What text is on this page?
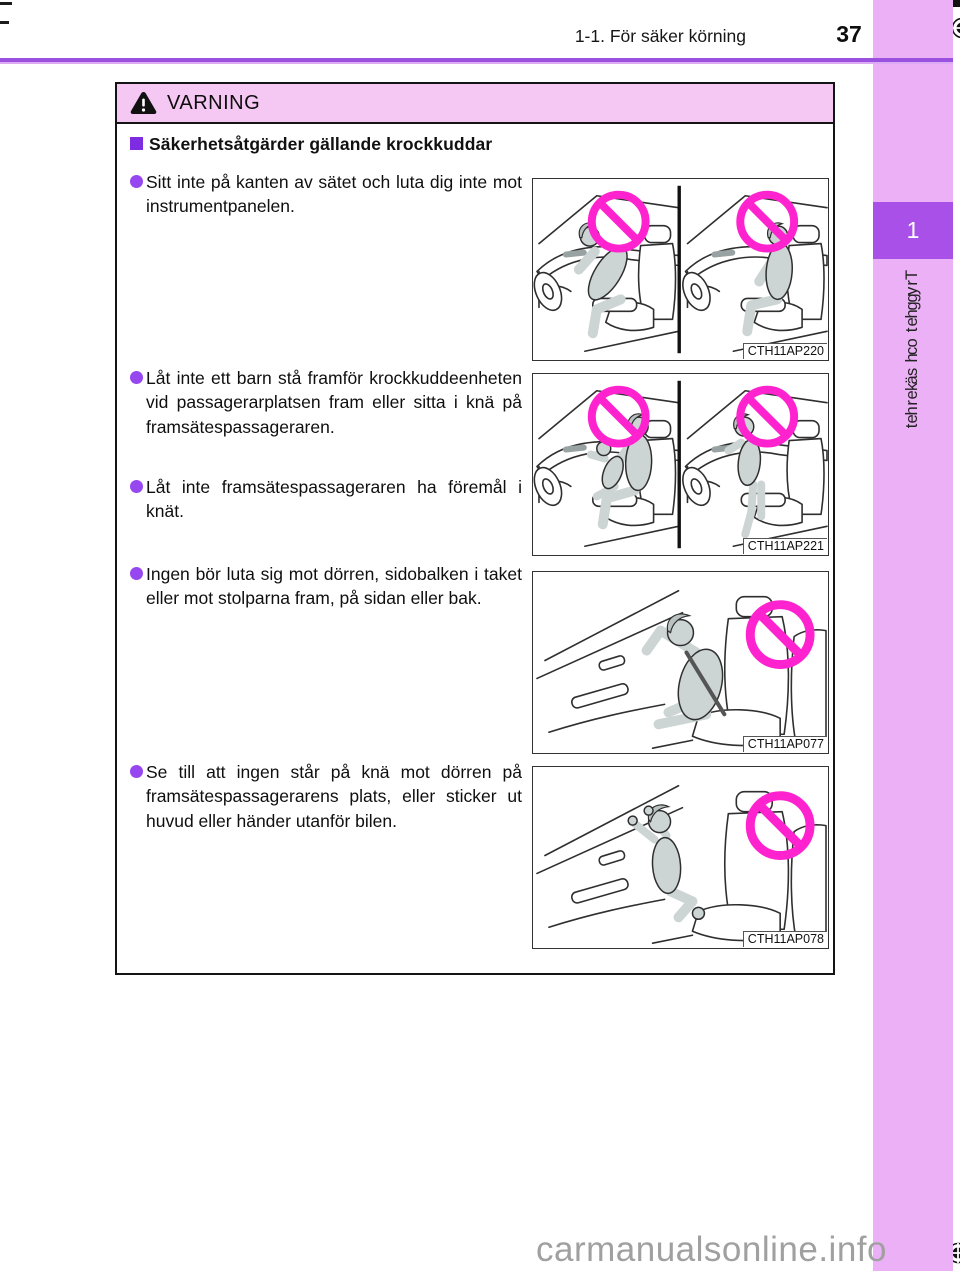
1-1. För säker körning	37
1
T
r
y
g
g
h
e
t
o
c
h
s
ä
k
e
r
h
e
t
VARNING
Säkerhetsåtgärder gällande krockkuddar
Sitt inte på kanten av sätet och luta dig inte mot instrumentpanelen.
CTH11AP220
Låt inte ett barn stå framför krockkuddeenheten vid passagerarplatsen fram eller sitta i knä på framsätespassageraren.
Låt inte framsätespassageraren ha föremål i knät.
CTH11AP221
Ingen bör luta sig mot dörren, sidobalken i taket eller mot stolparna fram, på sidan eller bak.
CTH11AP077
Se till att ingen står på knä mot dörren på framsätespassagerarens plats, eller sticker ut huvud eller händer utanför bilen.
CTH11AP078
carmanualsonline.info
